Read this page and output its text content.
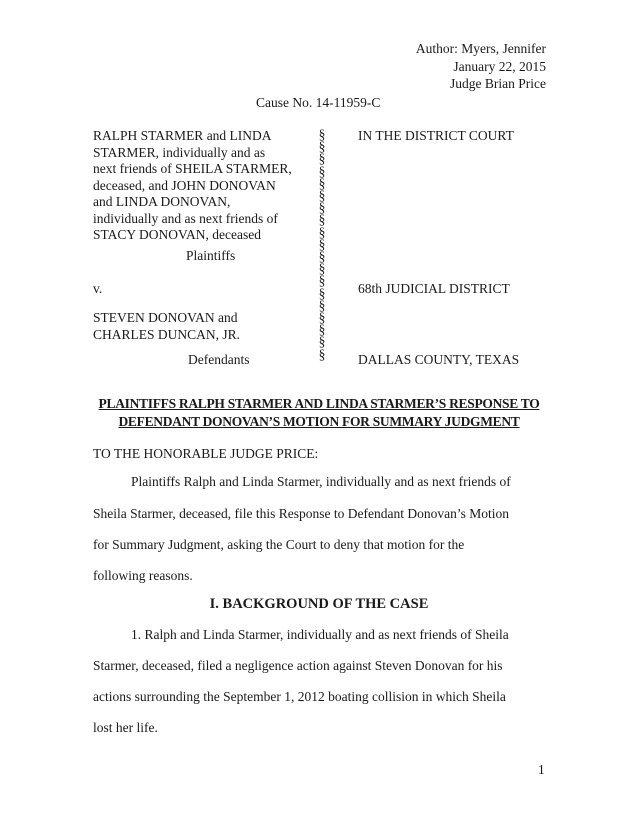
Author: Myers, Jennifer
January 22, 2015
Judge Brian Price
Cause No. 14-11959-C
RALPH STARMER and LINDA
STARMER, individually and as
next friends of SHEILA STARMER,
deceased, and JOHN DONOVAN
and LINDA DONOVAN,
individually and as next friends of
STACY DONOVAN, deceased
Plaintiffs
v.
STEVEN DONOVAN and
CHARLES DUNCAN, JR.
Defendants
§
§
§
§
§
§
§
§
§
§
§
§
§
§
§
§
§
§
§
IN THE DISTRICT COURT
68th JUDICIAL DISTRICT
DALLAS COUNTY, TEXAS
PLAINTIFFS RALPH STARMER AND LINDA STARMER’S RESPONSE TO
DEFENDANT DONOVAN’S MOTION FOR SUMMARY JUDGMENT
TO THE HONORABLE JUDGE PRICE:
Plaintiffs Ralph and Linda Starmer, individually and as next friends of
Sheila Starmer, deceased, file this Response to Defendant Donovan’s Motion
for Summary Judgment, asking the Court to deny that motion for the
following reasons.
I. BACKGROUND OF THE CASE
1. Ralph and Linda Starmer, individually and as next friends of Sheila
Starmer, deceased, filed a negligence action against Steven Donovan for his
actions surrounding the September 1, 2012 boating collision in which Sheila
lost her life.
1
